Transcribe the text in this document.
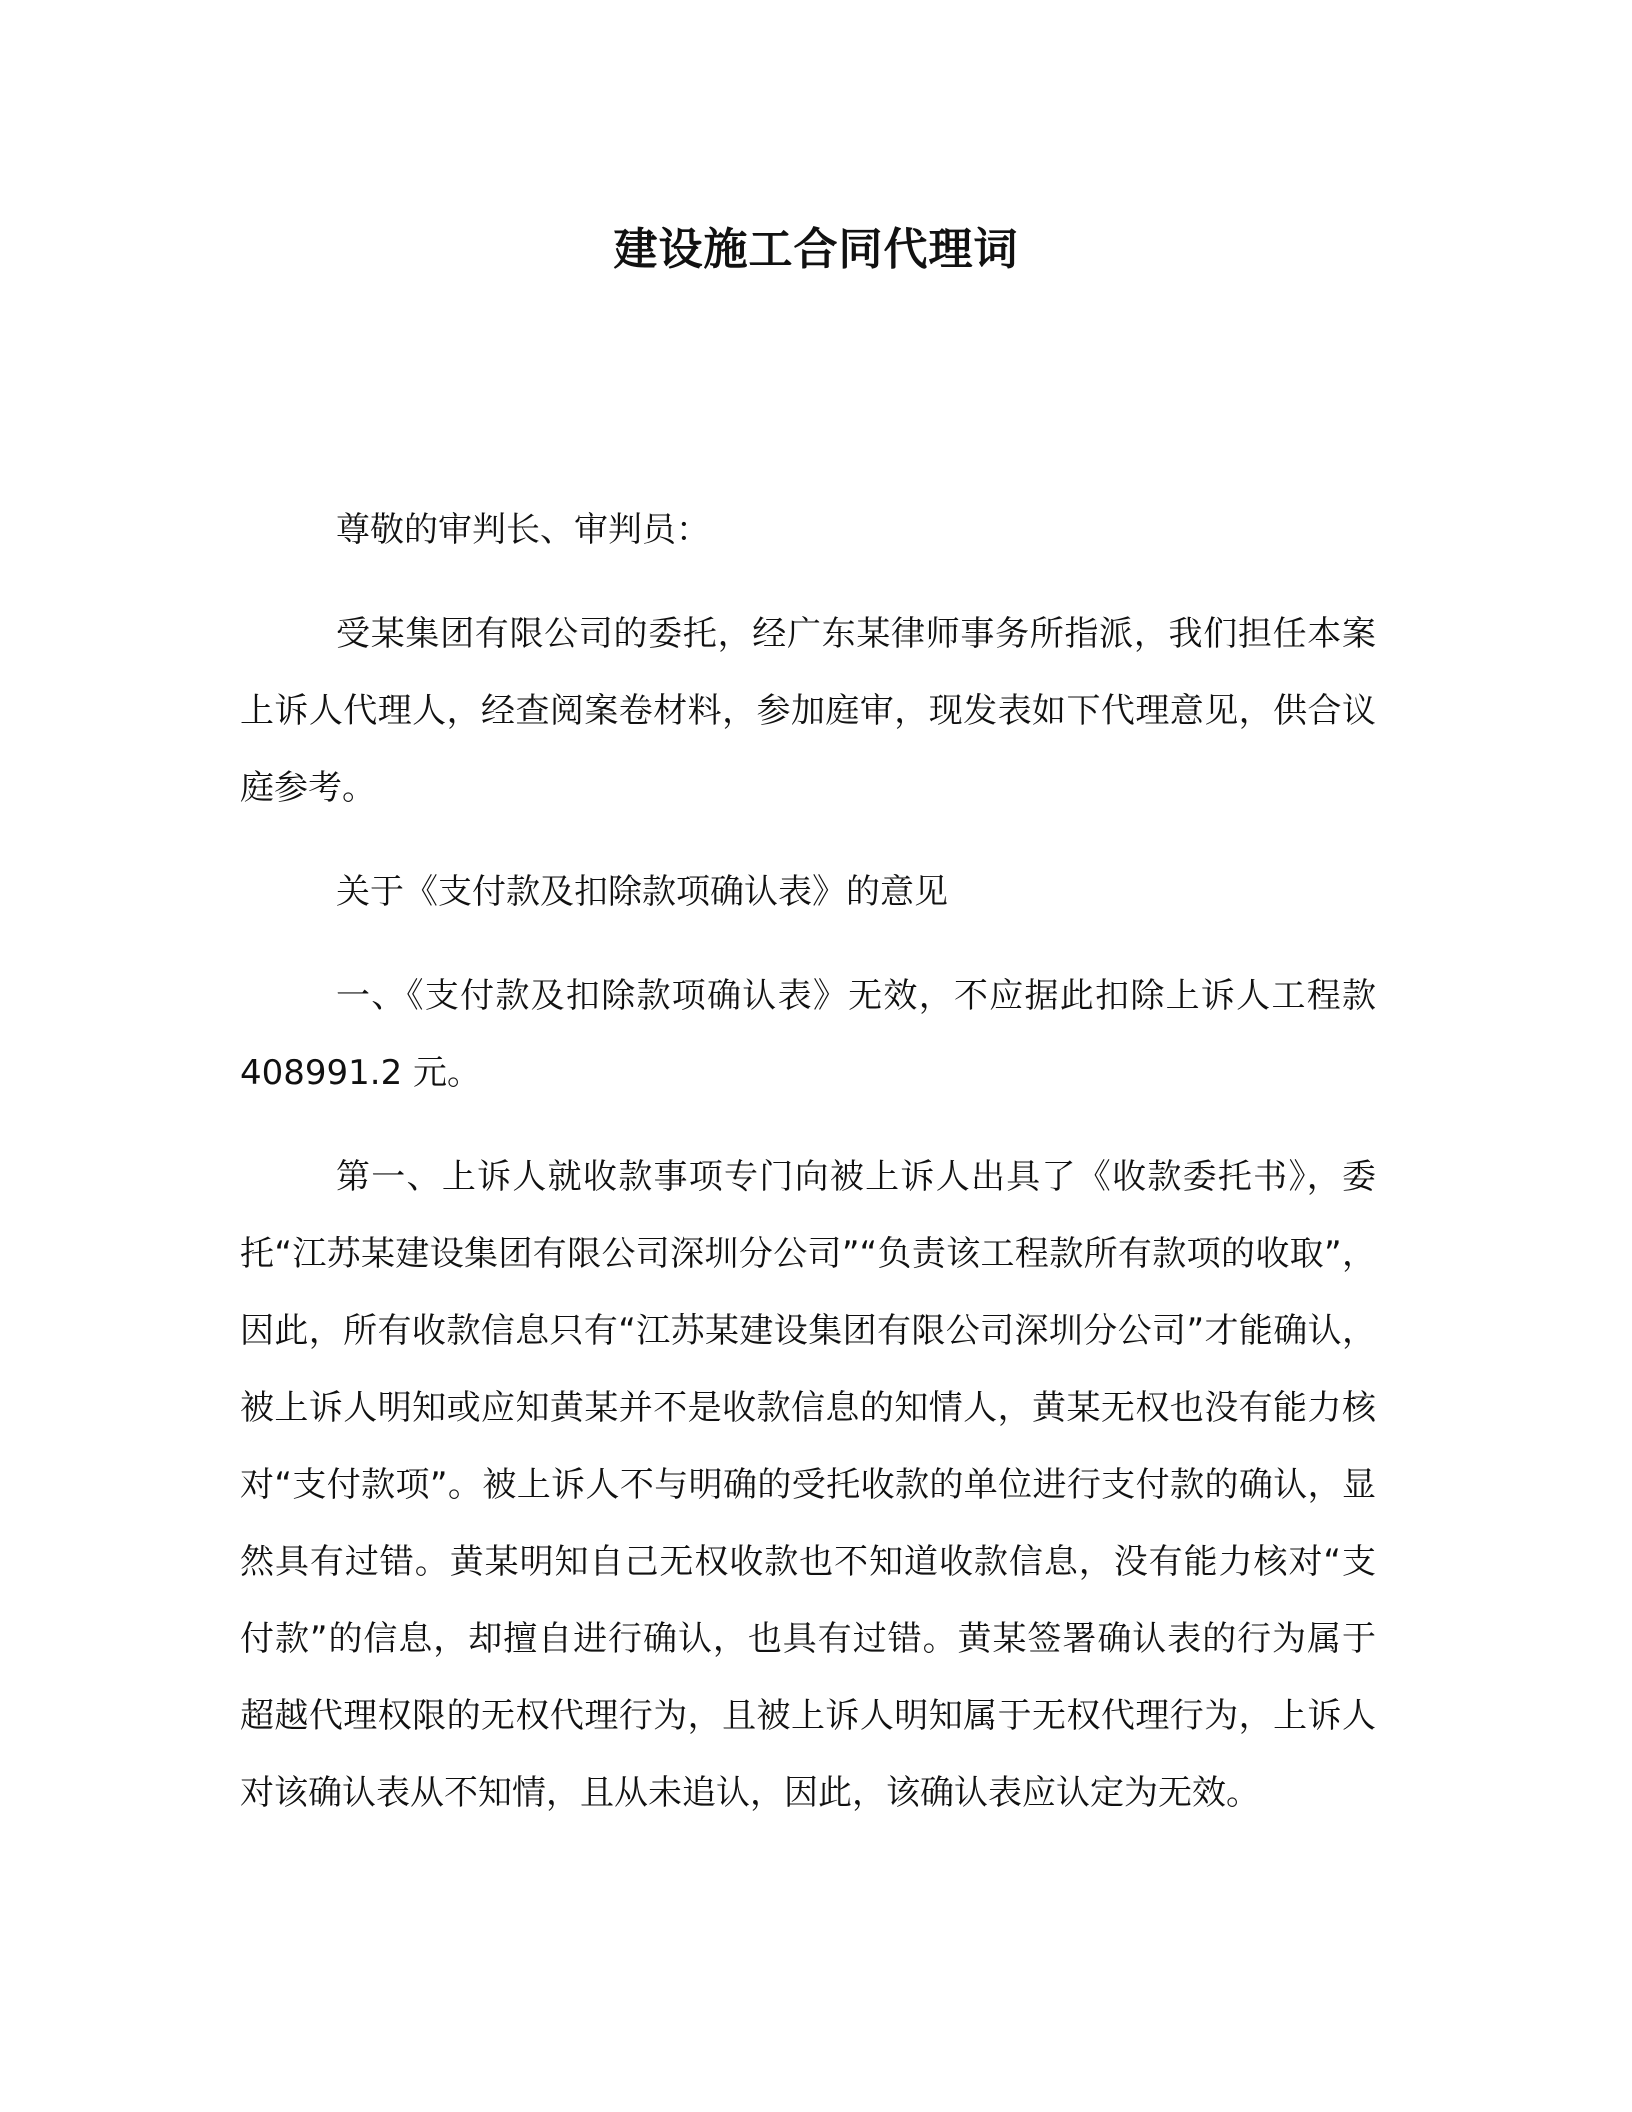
建设施工合同代理词

尊敬的审判长、审判员：

受某集团有限公司的委托，经广东某律师事务所指派，我们担任本案上诉人代理人，经查阅案卷材料，参加庭审，现发表如下代理意见，供合议庭参考。

关于《支付款及扣除款项确认表》的意见

一、《支付款及扣除款项确认表》无效，不应据此扣除上诉人工程款 408991.2 元。

第一、上诉人就收款事项专门向被上诉人出具了《收款委托书》，委托“江苏某建设集团有限公司深圳分公司”“负责该工程款所有款项的收取”，因此，所有收款信息只有“江苏某建设集团有限公司深圳分公司”才能确认，被上诉人明知或应知黄某并不是收款信息的知情人，黄某无权也没有能力核对“支付款项”。被上诉人不与明确的受托收款的单位进行支付款的确认，显然具有过错。黄某明知自己无权收款也不知道收款信息，没有能力核对“支付款”的信息，却擅自进行确认，也具有过错。黄某签署确认表的行为属于超越代理权限的无权代理行为，且被上诉人明知属于无权代理行为，上诉人对该确认表从不知情，且从未追认，因此，该确认表应认定为无效。
